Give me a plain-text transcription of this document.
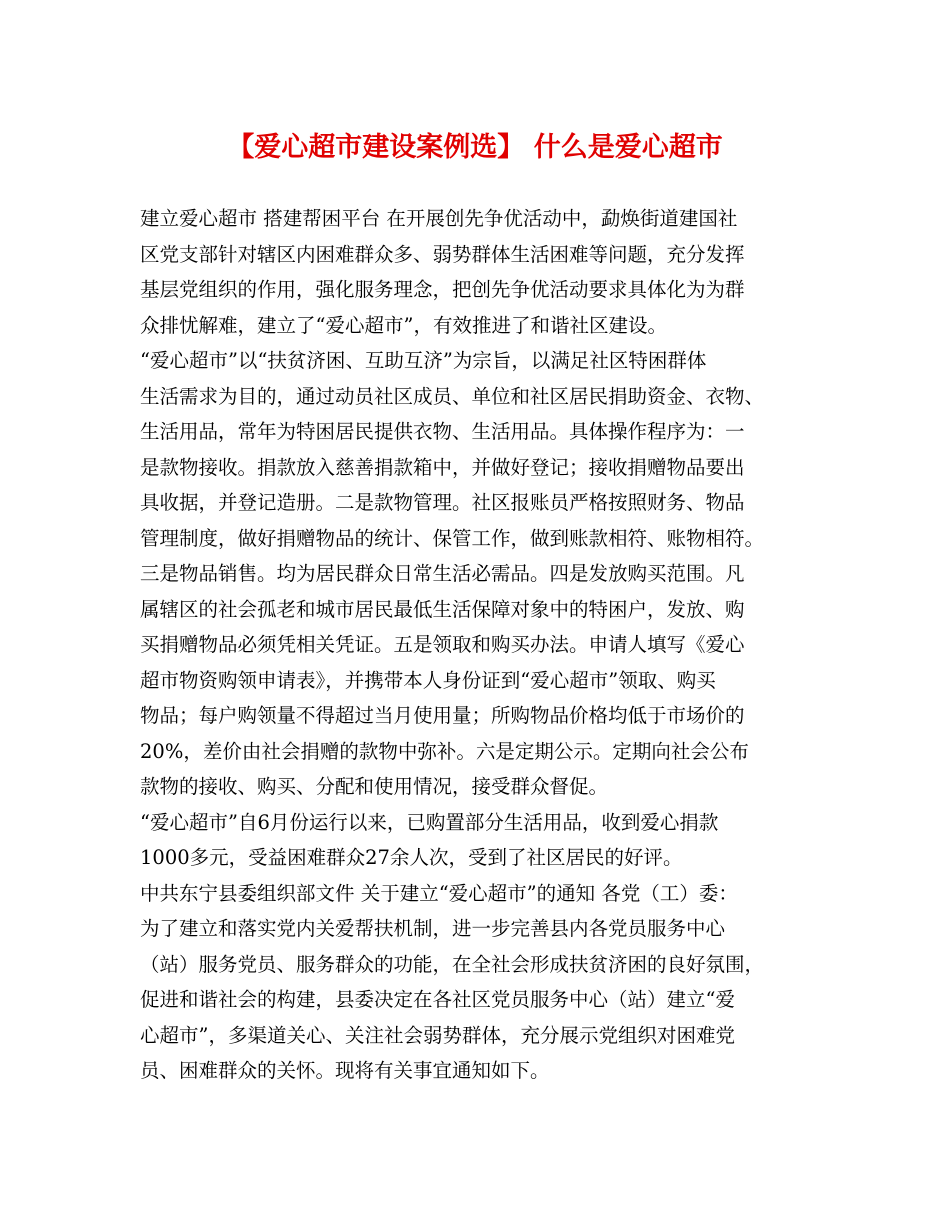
【爱心超市建设案例选】 什么是爱心超市
建立爱心超市 搭建帮困平台 在开展创先争优活动中，勐焕街道建国社
区党支部针对辖区内困难群众多、弱势群体生活困难等问题，充分发挥
基层党组织的作用，强化服务理念，把创先争优活动要求具体化为为群
众排忧解难，建立了“爱心超市”，有效推进了和谐社区建设。
“爱心超市”以“扶贫济困、互助互济”为宗旨，以满足社区特困群体
生活需求为目的，通过动员社区成员、单位和社区居民捐助资金、衣物、
生活用品，常年为特困居民提供衣物、生活用品。具体操作程序为：一
是款物接收。捐款放入慈善捐款箱中，并做好登记；接收捐赠物品要出
具收据，并登记造册。二是款物管理。社区报账员严格按照财务、物品
管理制度，做好捐赠物品的统计、保管工作，做到账款相符、账物相符。
三是物品销售。均为居民群众日常生活必需品。四是发放购买范围。凡
属辖区的社会孤老和城市居民最低生活保障对象中的特困户，发放、购
买捐赠物品必须凭相关凭证。五是领取和购买办法。申请人填写《爱心
超市物资购领申请表》，并携带本人身份证到“爱心超市”领取、购买
物品；每户购领量不得超过当月使用量；所购物品价格均低于市场价的
20%，差价由社会捐赠的款物中弥补。六是定期公示。定期向社会公布
款物的接收、购买、分配和使用情况，接受群众督促。
“爱心超市”自6月份运行以来，已购置部分生活用品，收到爱心捐款
1000多元，受益困难群众27余人次，受到了社区居民的好评。
中共东宁县委组织部文件 关于建立“爱心超市”的通知 各党（工）委：
为了建立和落实党内关爱帮扶机制，进一步完善县内各党员服务中心
（站）服务党员、服务群众的功能，在全社会形成扶贫济困的良好氛围，
促进和谐社会的构建，县委决定在各社区党员服务中心（站）建立“爱
心超市”，多渠道关心、关注社会弱势群体，充分展示党组织对困难党
员、困难群众的关怀。现将有关事宜通知如下。
